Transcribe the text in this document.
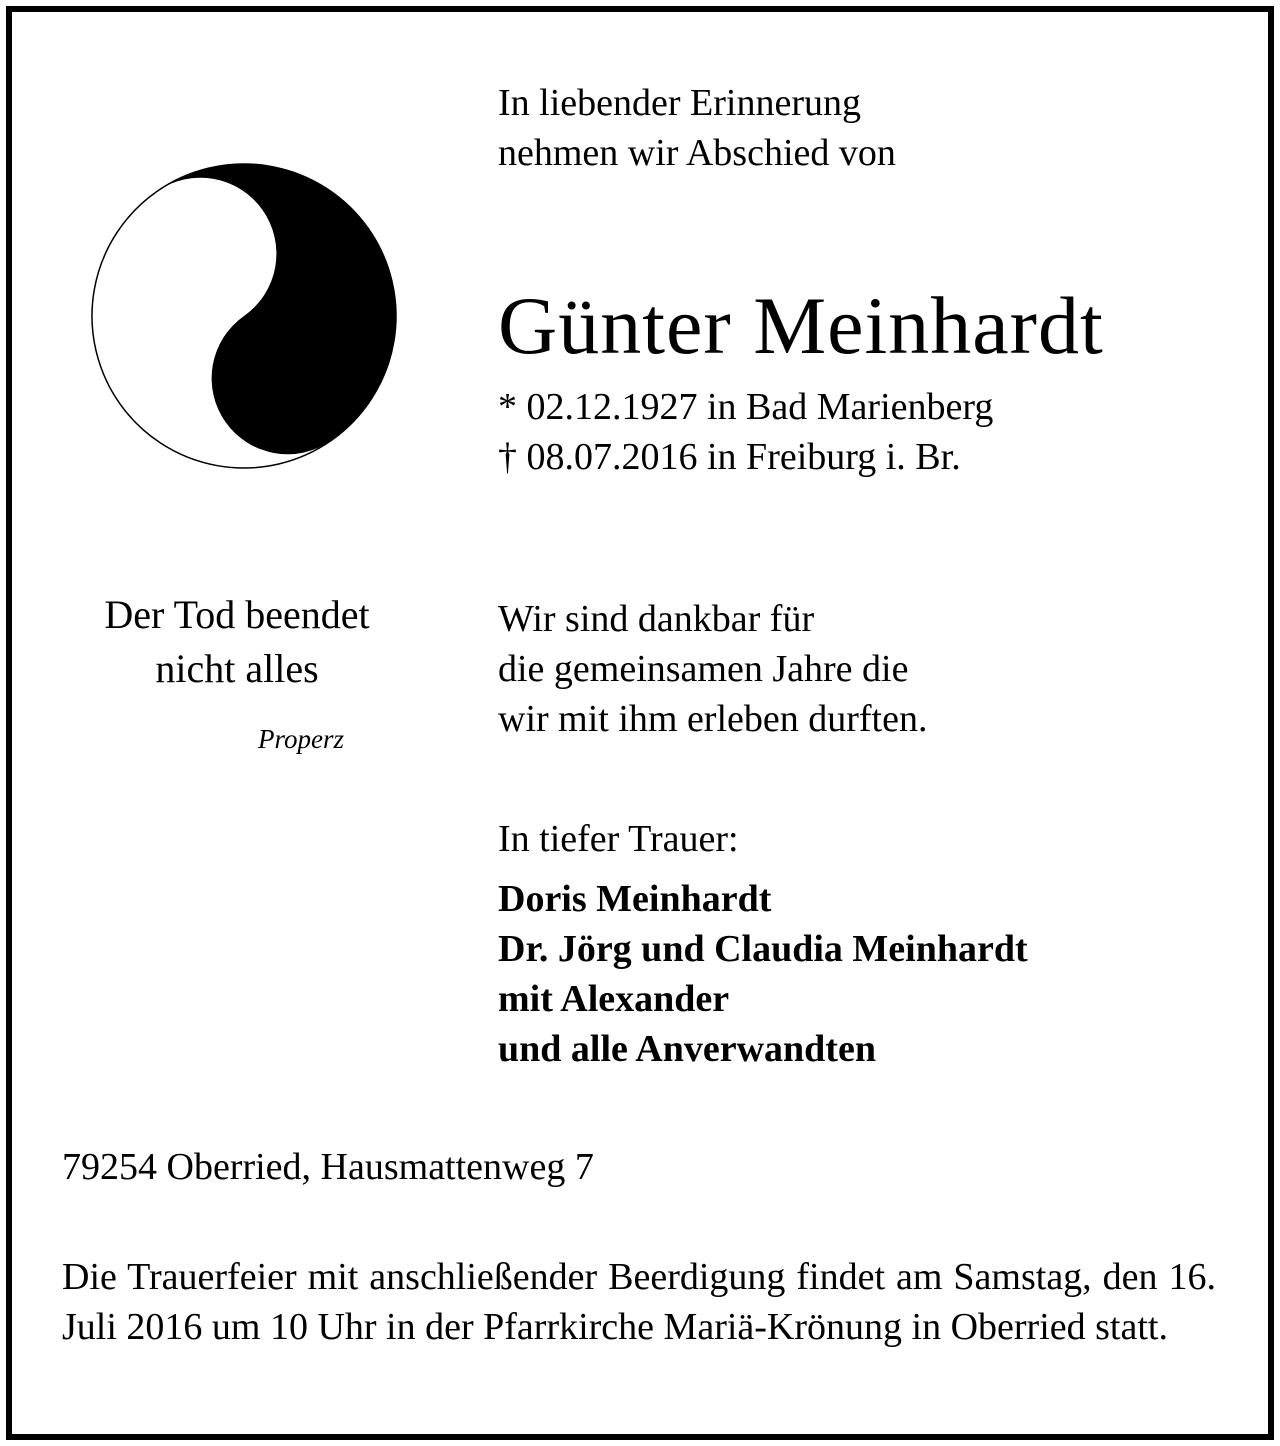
In liebender Erinnerung
nehmen wir Abschied von
Günter Meinhardt
* 02.12.1927 in Bad Marienberg
† 08.07.2016 in Freiburg i. Br.
Der Tod beendet
nicht alles
Properz
Wir sind dankbar für
die gemeinsamen Jahre die
wir mit ihm erleben durften.
In tiefer Trauer:
Doris Meinhardt
Dr. Jörg und Claudia Meinhardt
mit Alexander
und alle Anverwandten
79254 Oberried, Hausmattenweg 7
Die Trauerfeier mit anschließender Beerdigung findet am Samstag, den 16. Juli 2016 um 10 Uhr in der Pfarrkirche Mariä-Krönung in Oberried statt.
